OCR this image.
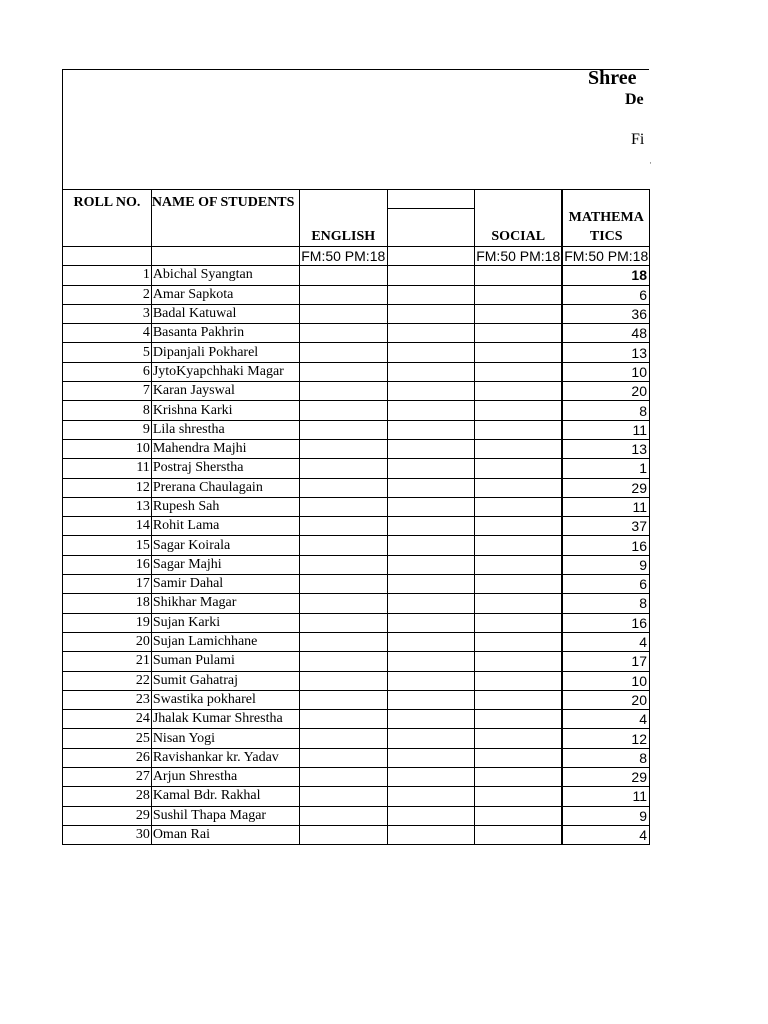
Shree
De
Fi
·
ROLL NO.	NAME OF STUDENTS	ENGLISH		SOCIAL	MATHEMA
TICS

		FM:50 PM:18		FM:50 PM:18	FM:50 PM:18
1	Abichal Syangtan				18
2	Amar Sapkota				6
3	Badal Katuwal				36
4	Basanta Pakhrin				48
5	Dipanjali Pokharel				13
6	JytoKyapchhaki Magar				10
7	Karan Jayswal				20
8	Krishna Karki				8
9	Lila shrestha				11
10	Mahendra Majhi				13
11	Postraj Sherstha				1
12	Prerana Chaulagain				29
13	Rupesh Sah				11
14	Rohit Lama				37
15	Sagar Koirala				16
16	Sagar Majhi				9
17	Samir Dahal				6
18	Shikhar Magar				8
19	Sujan Karki				16
20	Sujan Lamichhane				4
21	Suman Pulami				17
22	Sumit Gahatraj				10
23	Swastika pokharel				20
24	Jhalak Kumar Shrestha				4
25	Nisan Yogi				12
26	Ravishankar kr. Yadav				8
27	Arjun Shrestha				29
28	Kamal Bdr. Rakhal				11
29	Sushil Thapa Magar				9
30	Oman Rai				4
